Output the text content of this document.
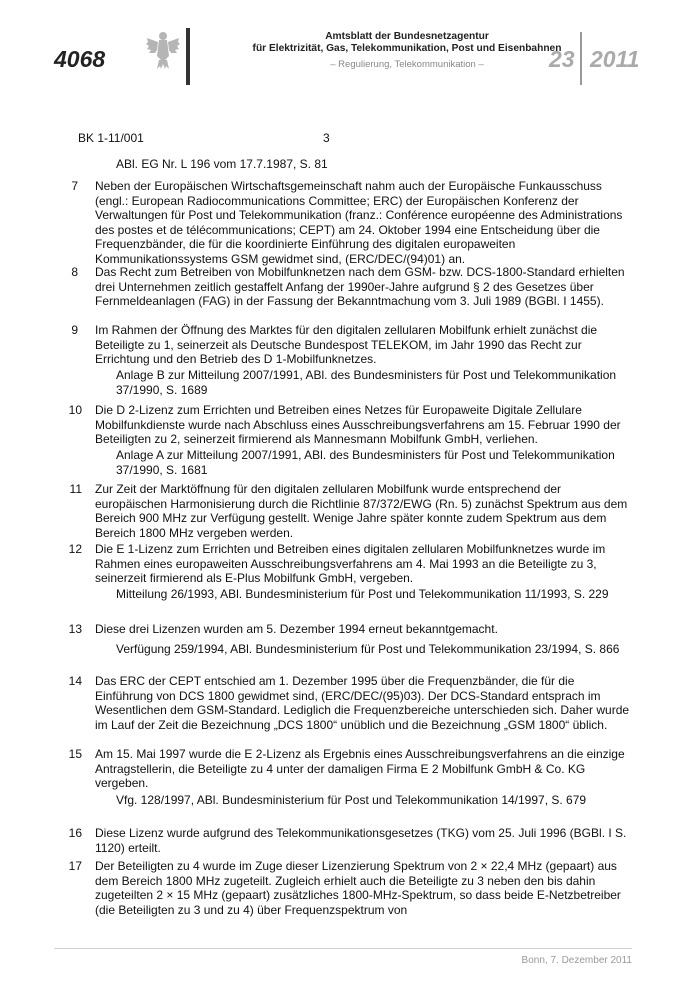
4068
Amtsblatt der Bundesnetzagentur
für Elektrizität, Gas, Telekommunikation, Post und Eisenbahnen
– Regulierung, Telekommunikation –	23 2011
BK 1-11/001	3
ABl. EG Nr. L 196 vom 17.7.1987, S. 81
7 Neben der Europäischen Wirtschaftsgemeinschaft nahm auch der Europäische Funkausschuss (engl.: European Radiocommunications Committee; ERC) der Europäischen Konferenz der Verwaltungen für Post und Telekommunikation (franz.: Conférence européenne des Administrations des postes et de télécommunications; CEPT) am 24. Oktober 1994 eine Entscheidung über die Frequenzbänder, die für die koordinierte Einführung des digitalen europaweiten Kommunikationssystems GSM gewidmet sind, (ERC/DEC/(94)01) an.
8 Das Recht zum Betreiben von Mobilfunknetzen nach dem GSM- bzw. DCS-1800-Standard erhielten drei Unternehmen zeitlich gestaffelt Anfang der 1990er-Jahre aufgrund § 2 des Gesetzes über Fernmeldeanlagen (FAG) in der Fassung der Bekanntmachung vom 3. Juli 1989 (BGBl. I 1455).
9 Im Rahmen der Öffnung des Marktes für den digitalen zellularen Mobilfunk erhielt zunächst die Beteiligte zu 1, seinerzeit als Deutsche Bundespost TELEKOM, im Jahr 1990 das Recht zur Errichtung und den Betrieb des D 1-Mobilfunknetzes.
Anlage B zur Mitteilung 2007/1991, ABl. des Bundesministers für Post und Telekommunikation 37/1990, S. 1689
10 Die D 2-Lizenz zum Errichten und Betreiben eines Netzes für Europaweite Digitale Zellulare Mobilfunkdienste wurde nach Abschluss eines Ausschreibungsverfahrens am 15. Februar 1990 der Beteiligten zu 2, seinerzeit firmierend als Mannesmann Mobilfunk GmbH, verliehen.
Anlage A zur Mitteilung 2007/1991, ABl. des Bundesministers für Post und Telekommunikation 37/1990, S. 1681
11 Zur Zeit der Marktöffnung für den digitalen zellularen Mobilfunk wurde entsprechend der europäischen Harmonisierung durch die Richtlinie 87/372/EWG (Rn. 5) zunächst Spektrum aus dem Bereich 900 MHz zur Verfügung gestellt. Wenige Jahre später konnte zudem Spektrum aus dem Bereich 1800 MHz vergeben werden.
12 Die E 1-Lizenz zum Errichten und Betreiben eines digitalen zellularen Mobilfunknetzes wurde im Rahmen eines europaweiten Ausschreibungsverfahrens am 4. Mai 1993 an die Beteiligte zu 3, seinerzeit firmierend als E-Plus Mobilfunk GmbH, vergeben.
Mitteilung 26/1993, ABl. Bundesministerium für Post und Telekommunikation 11/1993, S. 229
13 Diese drei Lizenzen wurden am 5. Dezember 1994 erneut bekanntgemacht.
Verfügung 259/1994, ABl. Bundesministerium für Post und Telekommunikation 23/1994, S. 866
14 Das ERC der CEPT entschied am 1. Dezember 1995 über die Frequenzbänder, die für die Einführung von DCS 1800 gewidmet sind, (ERC/DEC/(95)03). Der DCS-Standard entsprach im Wesentlichen dem GSM-Standard. Lediglich die Frequenzbereiche unterschieden sich. Daher wurde im Lauf der Zeit die Bezeichnung „DCS 1800“ unüblich und die Bezeichnung „GSM 1800“ üblich.
15 Am 15. Mai 1997 wurde die E 2-Lizenz als Ergebnis eines Ausschreibungsverfahrens an die einzige Antragstellerin, die Beteiligte zu 4 unter der damaligen Firma E 2 Mobilfunk GmbH & Co. KG vergeben.
Vfg. 128/1997, ABl. Bundesministerium für Post und Telekommunikation 14/1997, S. 679
16 Diese Lizenz wurde aufgrund des Telekommunikationsgesetzes (TKG) vom 25. Juli 1996 (BGBl. I S. 1120) erteilt.
17 Der Beteiligten zu 4 wurde im Zuge dieser Lizenzierung Spektrum von 2 × 22,4 MHz (gepaart) aus dem Bereich 1800 MHz zugeteilt. Zugleich erhielt auch die Beteiligte zu 3 neben den bis dahin zugeteilten 2 × 15 MHz (gepaart) zusätzliches 1800-MHz-Spektrum, so dass beide E-Netzbetreiber (die Beteiligten zu 3 und zu 4) über Frequenzspektrum von
Bonn, 7. Dezember 2011
